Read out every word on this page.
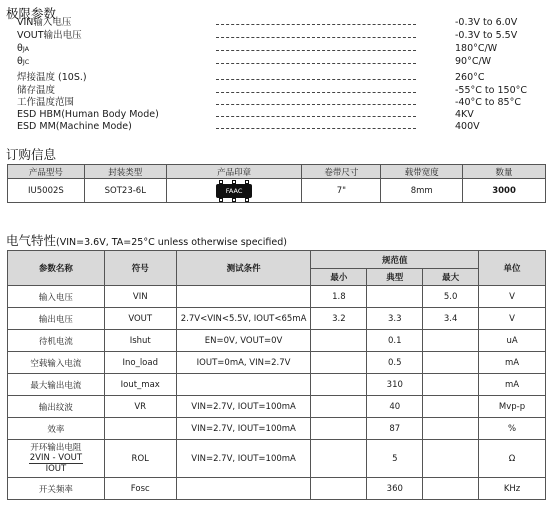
极限参数
VIN输入电压	-0.3V to 6.0V
VOUT输出电压	-0.3V to 5.5V
θJA	180°C/W
θJC	90°C/W
焊接温度 (10S.)	260°C
储存温度	-55°C to 150°C
工作温度范围	-40°C to 85°C
ESD HBM(Human Body Mode)	4KV
ESD MM(Machine Mode)	400V
订购信息
产品型号	封装类型	产品印章	卷带尺寸	载带宽度	数量
IU5002S	SOT23-6L	FAAC	7"	8mm	3000
电气特性(VIN=3.6V, TA=25°C unless otherwise specified)
参数名称	符号	测试条件	规范值			单位
			最小	典型	最大	
输入电压	VIN		1.8		5.0	V
输出电压	VOUT	2.7V<VIN<5.5V, IOUT<65mA	3.2	3.3	3.4	V
待机电流	Ishut	EN=0V, VOUT=0V		0.1		uA
空载输入电流	Ino_load	IOUT=0mA, VIN=2.7V		0.5		mA
最大输出电流	Iout_max			310		mA
输出纹波	VR	VIN=2.7V, IOUT=100mA		40		Mvp-p
效率		VIN=2.7V, IOUT=100mA		87		%

开环输出电阻
$\frac{\text{2VIN - VOUT}}{\text{IOUT}}$	ROL	VIN=2.7V, IOUT=100mA		5		Ω
开关频率	Fosc			360		KHz
